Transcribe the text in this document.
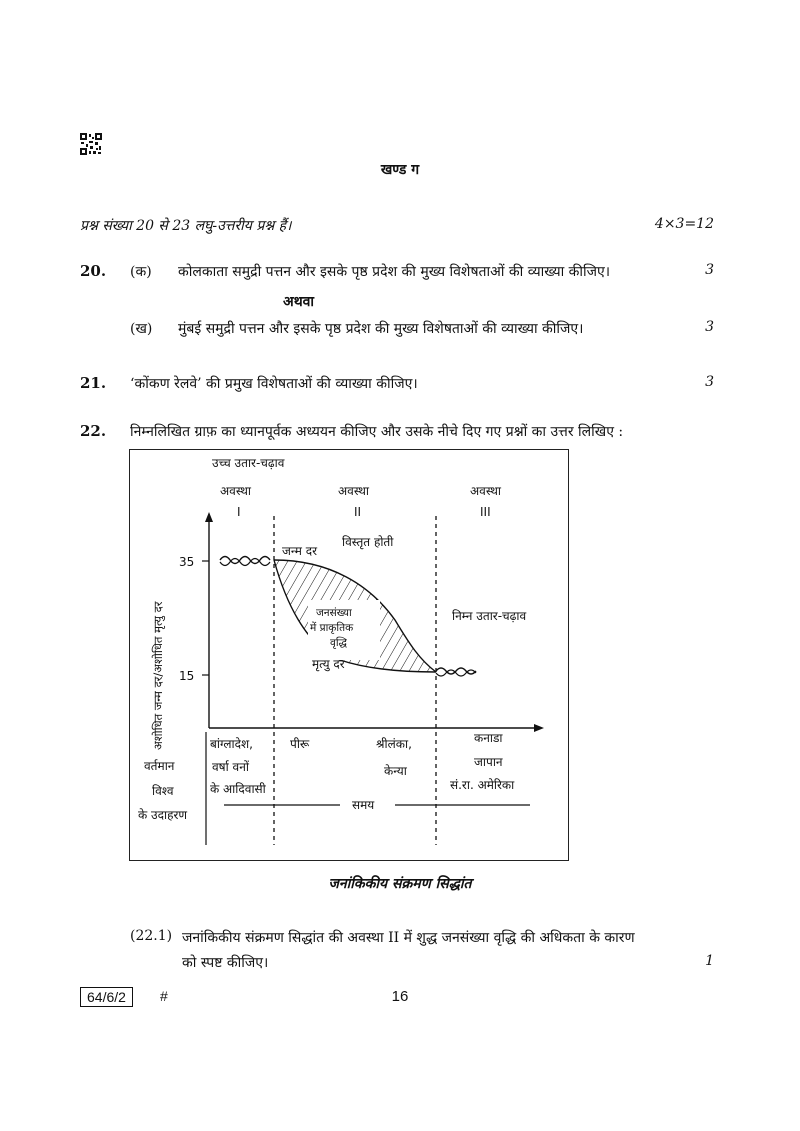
खण्ड ग
प्रश्न संख्या 20 से 23 लघु-उत्तरीय प्रश्न हैं।	4×3=12
20. (क) कोलकाता समुद्री पत्तन और इसके पृष्ठ प्रदेश की मुख्य विशेषताओं की व्याख्या कीजिए।	3
अथवा
(ख) मुंबई समुद्री पत्तन और इसके पृष्ठ प्रदेश की मुख्य विशेषताओं की व्याख्या कीजिए।	3
21. ‘कोंकण रेलवे’ की प्रमुख विशेषताओं की व्याख्या कीजिए।	3
22. निम्नलिखित ग्राफ़ का ध्यानपूर्वक अध्ययन कीजिए और उसके नीचे दिए गए प्रश्नों का उत्तर लिखिए :
35
15
अशोधित जन्म दर/अशोधित मृत्यु दर
उच्च उतार-चढ़ाव
अवस्था
I
अवस्था
II
अवस्था
III
जन्म दर
विस्तृत होती
जनसंख्या
में प्राकृतिक
वृद्धि
मृत्यु दर
निम्न उतार-चढ़ाव
वर्तमान
विश्व
के उदाहरण
बांग्लादेश,
वर्षा वनों
के आदिवासी
पीरू	श्रीलंका,
केन्या
कनाडा
जापान
सं.रा. अमेरिका
समय
जनांकिकीय संक्रमण सिद्धांत
(22.1) जनांकिकीय संक्रमण सिद्धांत की अवस्था II में शुद्ध जनसंख्या वृद्धि की अधिकता के कारण
को स्पष्ट कीजिए।	1
64/6/2	#	16
